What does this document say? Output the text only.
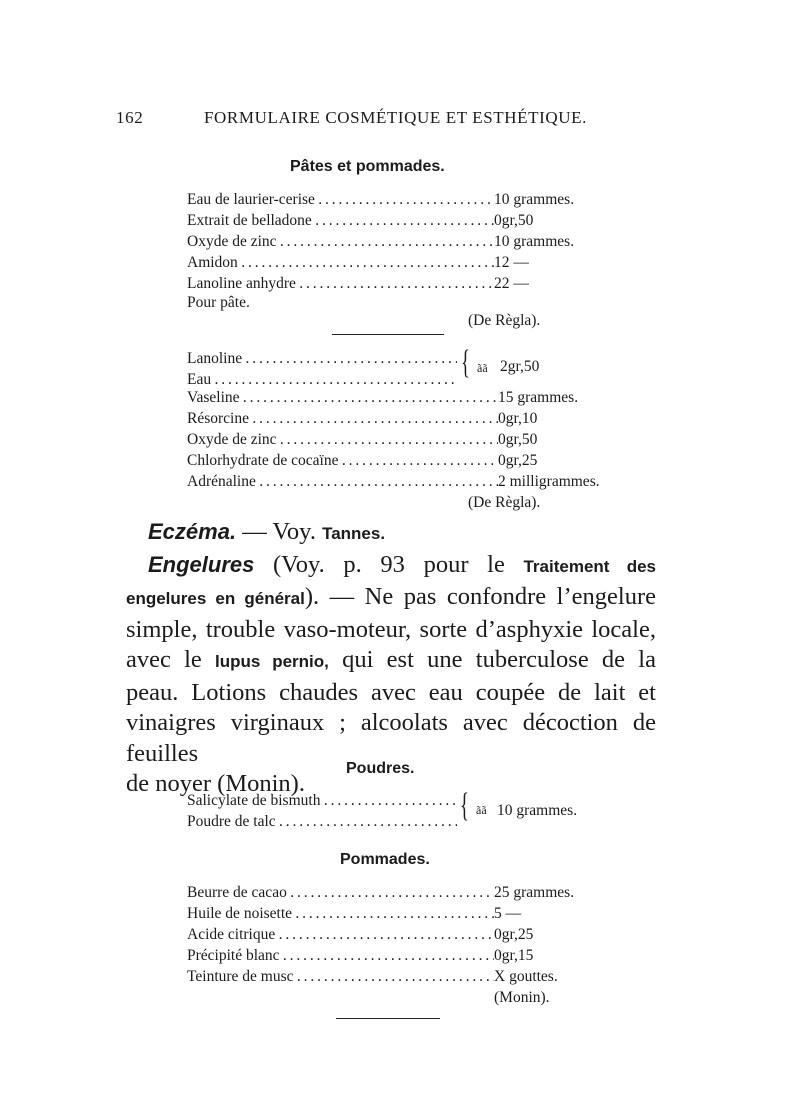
162	FORMULAIRE COSMÉTIQUE ET ESTHÉTIQUE.
Pâtes et pommades.
Eau de laurier-cerise . . .	10 grammes.
Extrait de belladone . . .	0gr,50
Oxyde de zinc . . .	10 grammes.
Amidon . . .	12 —
Lanoline anhydre . . .	22 —
Pour pâte.
(De Règla).
Lanoline . . .
Eau . . .	{ ãã 2gr,50
Vaseline . . .	15 grammes.
Résorcine . . .	0gr,10
Oxyde de zinc . . .	0gr,50
Chlorhydrate de cocaïne . . .	0gr,25
Adrénaline . . .	2 milligrammes.
(De Règla).
Eczéma. — Voy. Tannes.
Engelures (Voy. p. 93 pour le Traitement des
engelures en général). — Ne pas confondre l’engelure
simple, trouble vaso-moteur, sorte d’asphyxie locale,
avec le lupus pernio, qui est une tuberculose de la
peau. Lotions chaudes avec eau coupée de lait et
vinaigres virginaux ; alcoolats avec décoction de feuilles
de noyer (Monin).
Poudres.
Salicylate de bismuth . . .
Poudre de talc . . .	{ ãã 10 grammes.
Pommades.
Beurre de cacao . . .	25 grammes.
Huile de noisette . . .	5 —
Acide citrique . . .	0gr,25
Précipité blanc . . .	0gr,15
Teinture de musc . . .	X gouttes.
(Monin).
